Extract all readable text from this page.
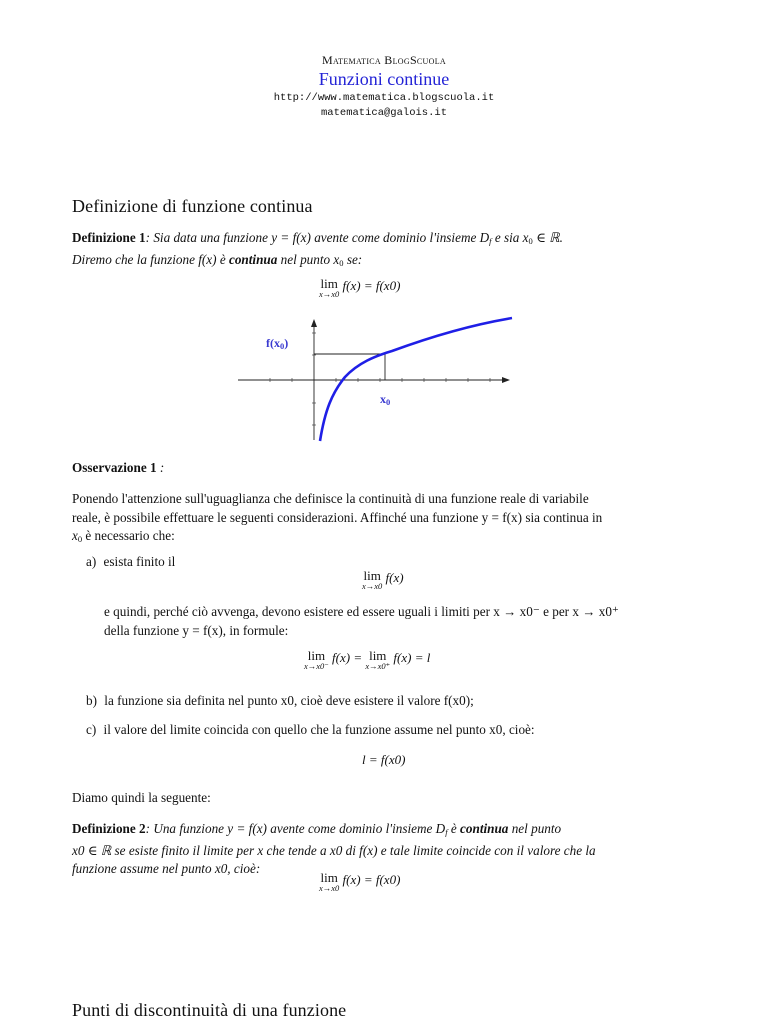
Matematica BlogScuola
Funzioni continue
http://www.matematica.blogscuola.it
matematica@galois.it
Definizione di funzione continua
Definizione 1: Sia data una funzione y = f(x) avente come dominio l'insieme $D_f$ e sia $x_0$ ∈ ℝ.
Diremo che la funzione f(x) è continua nel punto $x_0$ se:
lim
x→x0
f(x) = f(x0)
$f(x_0)$
$x_0$
Osservazione 1 :
Ponendo l'attenzione sull'uguaglianza che definisce la continuità di una funzione reale di variabile
reale, è possibile effettuare le seguenti considerazioni. Affinché una funzione y = f(x) sia continua in
$x_0$ è necessario che:
a) esista finito il
lim
x→x0
f(x)
e quindi, perché ciò avvenga, devono esistere ed essere uguali i limiti per x → x0⁻ e per x → x0⁺
della funzione y = f(x), in formule:
lim
x→x0⁻
f(x) = lim
x→x0⁺
f(x) = l
b) la funzione sia definita nel punto x0, cioè deve esistere il valore f(x0);
c) il valore del limite coincida con quello che la funzione assume nel punto x0, cioè:
l = f(x0)
Diamo quindi la seguente:
Definizione 2: Una funzione y = f(x) avente come dominio l'insieme $D_f$ è continua nel punto
x0 ∈ ℝ se esiste finito il limite per x che tende a x0 di f(x) e tale limite coincide con il valore che la
funzione assume nel punto x0, cioè:
lim
x→x0
f(x) = f(x0)
Punti di discontinuità di una funzione
